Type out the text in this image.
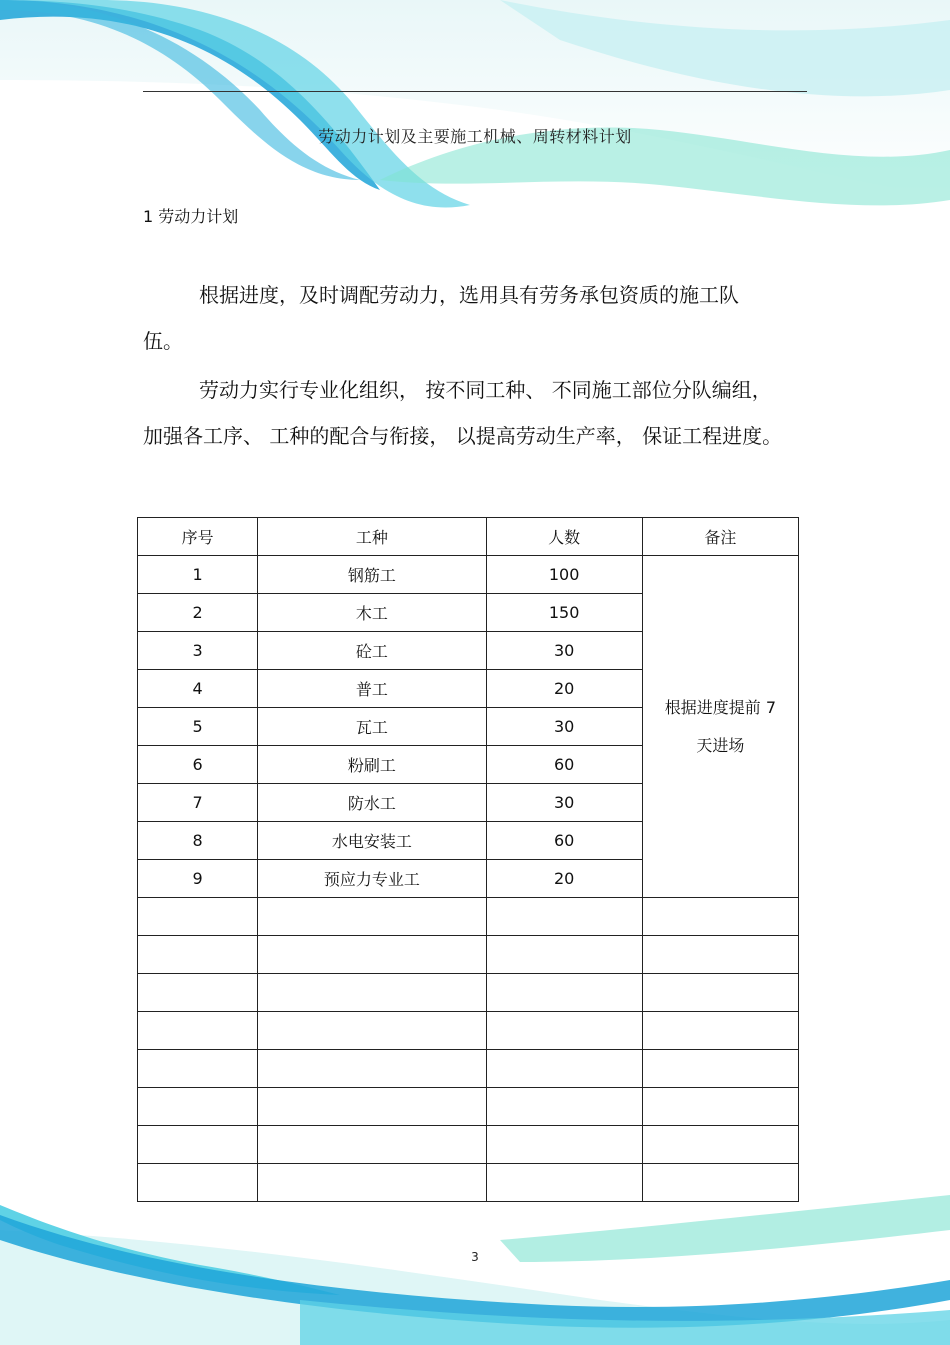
劳动力计划及主要施工机械、周转材料计划
1 劳动力计划
根据进度，及时调配劳动力，选用具有劳务承包资质的施工队
伍。
劳动力实行专业化组织， 按不同工种、 不同施工部位分队编组，
加强各工序、 工种的配合与衔接， 以提高劳动生产率， 保证工程进度。
序号	工种	人数	备注
1	钢筋工	100	根据进度提前 7
天进场

2	木工	150	
3	砼工	30	
4	普工	20	
5	瓦工	30	
6	粉刷工	60	
7	防水工	30	
8	水电安装工	60	
9	预应力专业工	20	

3
